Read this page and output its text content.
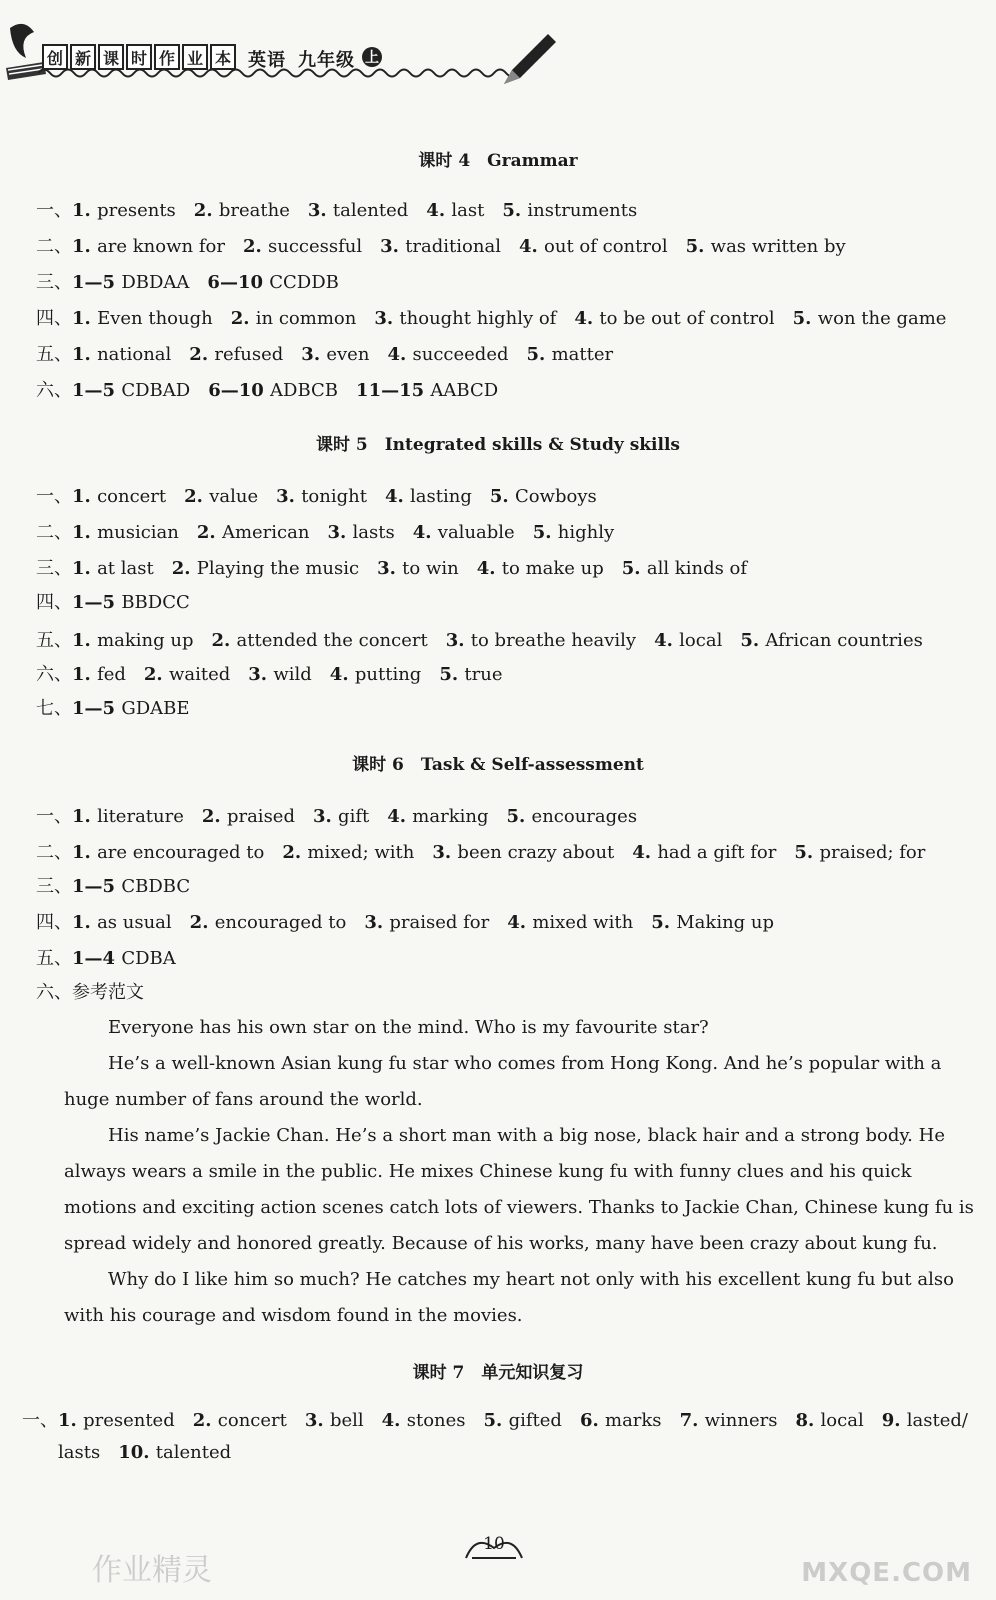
创 新 课 时 作 业 本 英语 九年级 上
课时 4　Grammar
一、1. presents  2. breathe  3. talented  4. last  5. instruments
二、1. are known for  2. successful  3. traditional  4. out of control  5. was written by
三、1—5 DBDAA  6—10 CCDDB
四、1. Even though  2. in common  3. thought highly of  4. to be out of control  5. won the game
五、1. national  2. refused  3. even  4. succeeded  5. matter
六、1—5 CDBAD  6—10 ADBCB  11—15 AABCD
课时 5　Integrated skills & Study skills
一、1. concert  2. value  3. tonight  4. lasting  5. Cowboys
二、1. musician  2. American  3. lasts  4. valuable  5. highly
三、1. at last  2. Playing the music  3. to win  4. to make up  5. all kinds of
四、1—5 BBDCC
五、1. making up  2. attended the concert  3. to breathe heavily  4. local  5. African countries
六、1. fed  2. waited  3. wild  4. putting  5. true
七、1—5 GDABE
课时 6　Task & Self-assessment
一、1. literature  2. praised  3. gift  4. marking  5. encourages
二、1. are encouraged to  2. mixed; with  3. been crazy about  4. had a gift for  5. praised; for
三、1—5 CBDBC
四、1. as usual  2. encouraged to  3. praised for  4. mixed with  5. Making up
五、1—4 CDBA
六、参考范文
Everyone has his own star on the mind. Who is my favourite star?
He’s a well-known Asian kung fu star who comes from Hong Kong. And he’s popular with a huge number of fans around the world.
His name’s Jackie Chan. He’s a short man with a big nose, black hair and a strong body. He always wears a smile in the public. He mixes Chinese kung fu with funny clues and his quick motions and exciting action scenes catch lots of viewers. Thanks to Jackie Chan, Chinese kung fu is spread widely and honored greatly. Because of his works, many have been crazy about kung fu.
Why do I like him so much? He catches my heart not only with his excellent kung fu but also with his courage and wisdom found in the movies.
课时 7　单元知识复习
一、1. presented  2. concert  3. bell  4. stones  5. gifted  6. marks  7. winners  8. local  9. lasted/
lasts  10. talented
10
作业精灵	MXQE.COM
